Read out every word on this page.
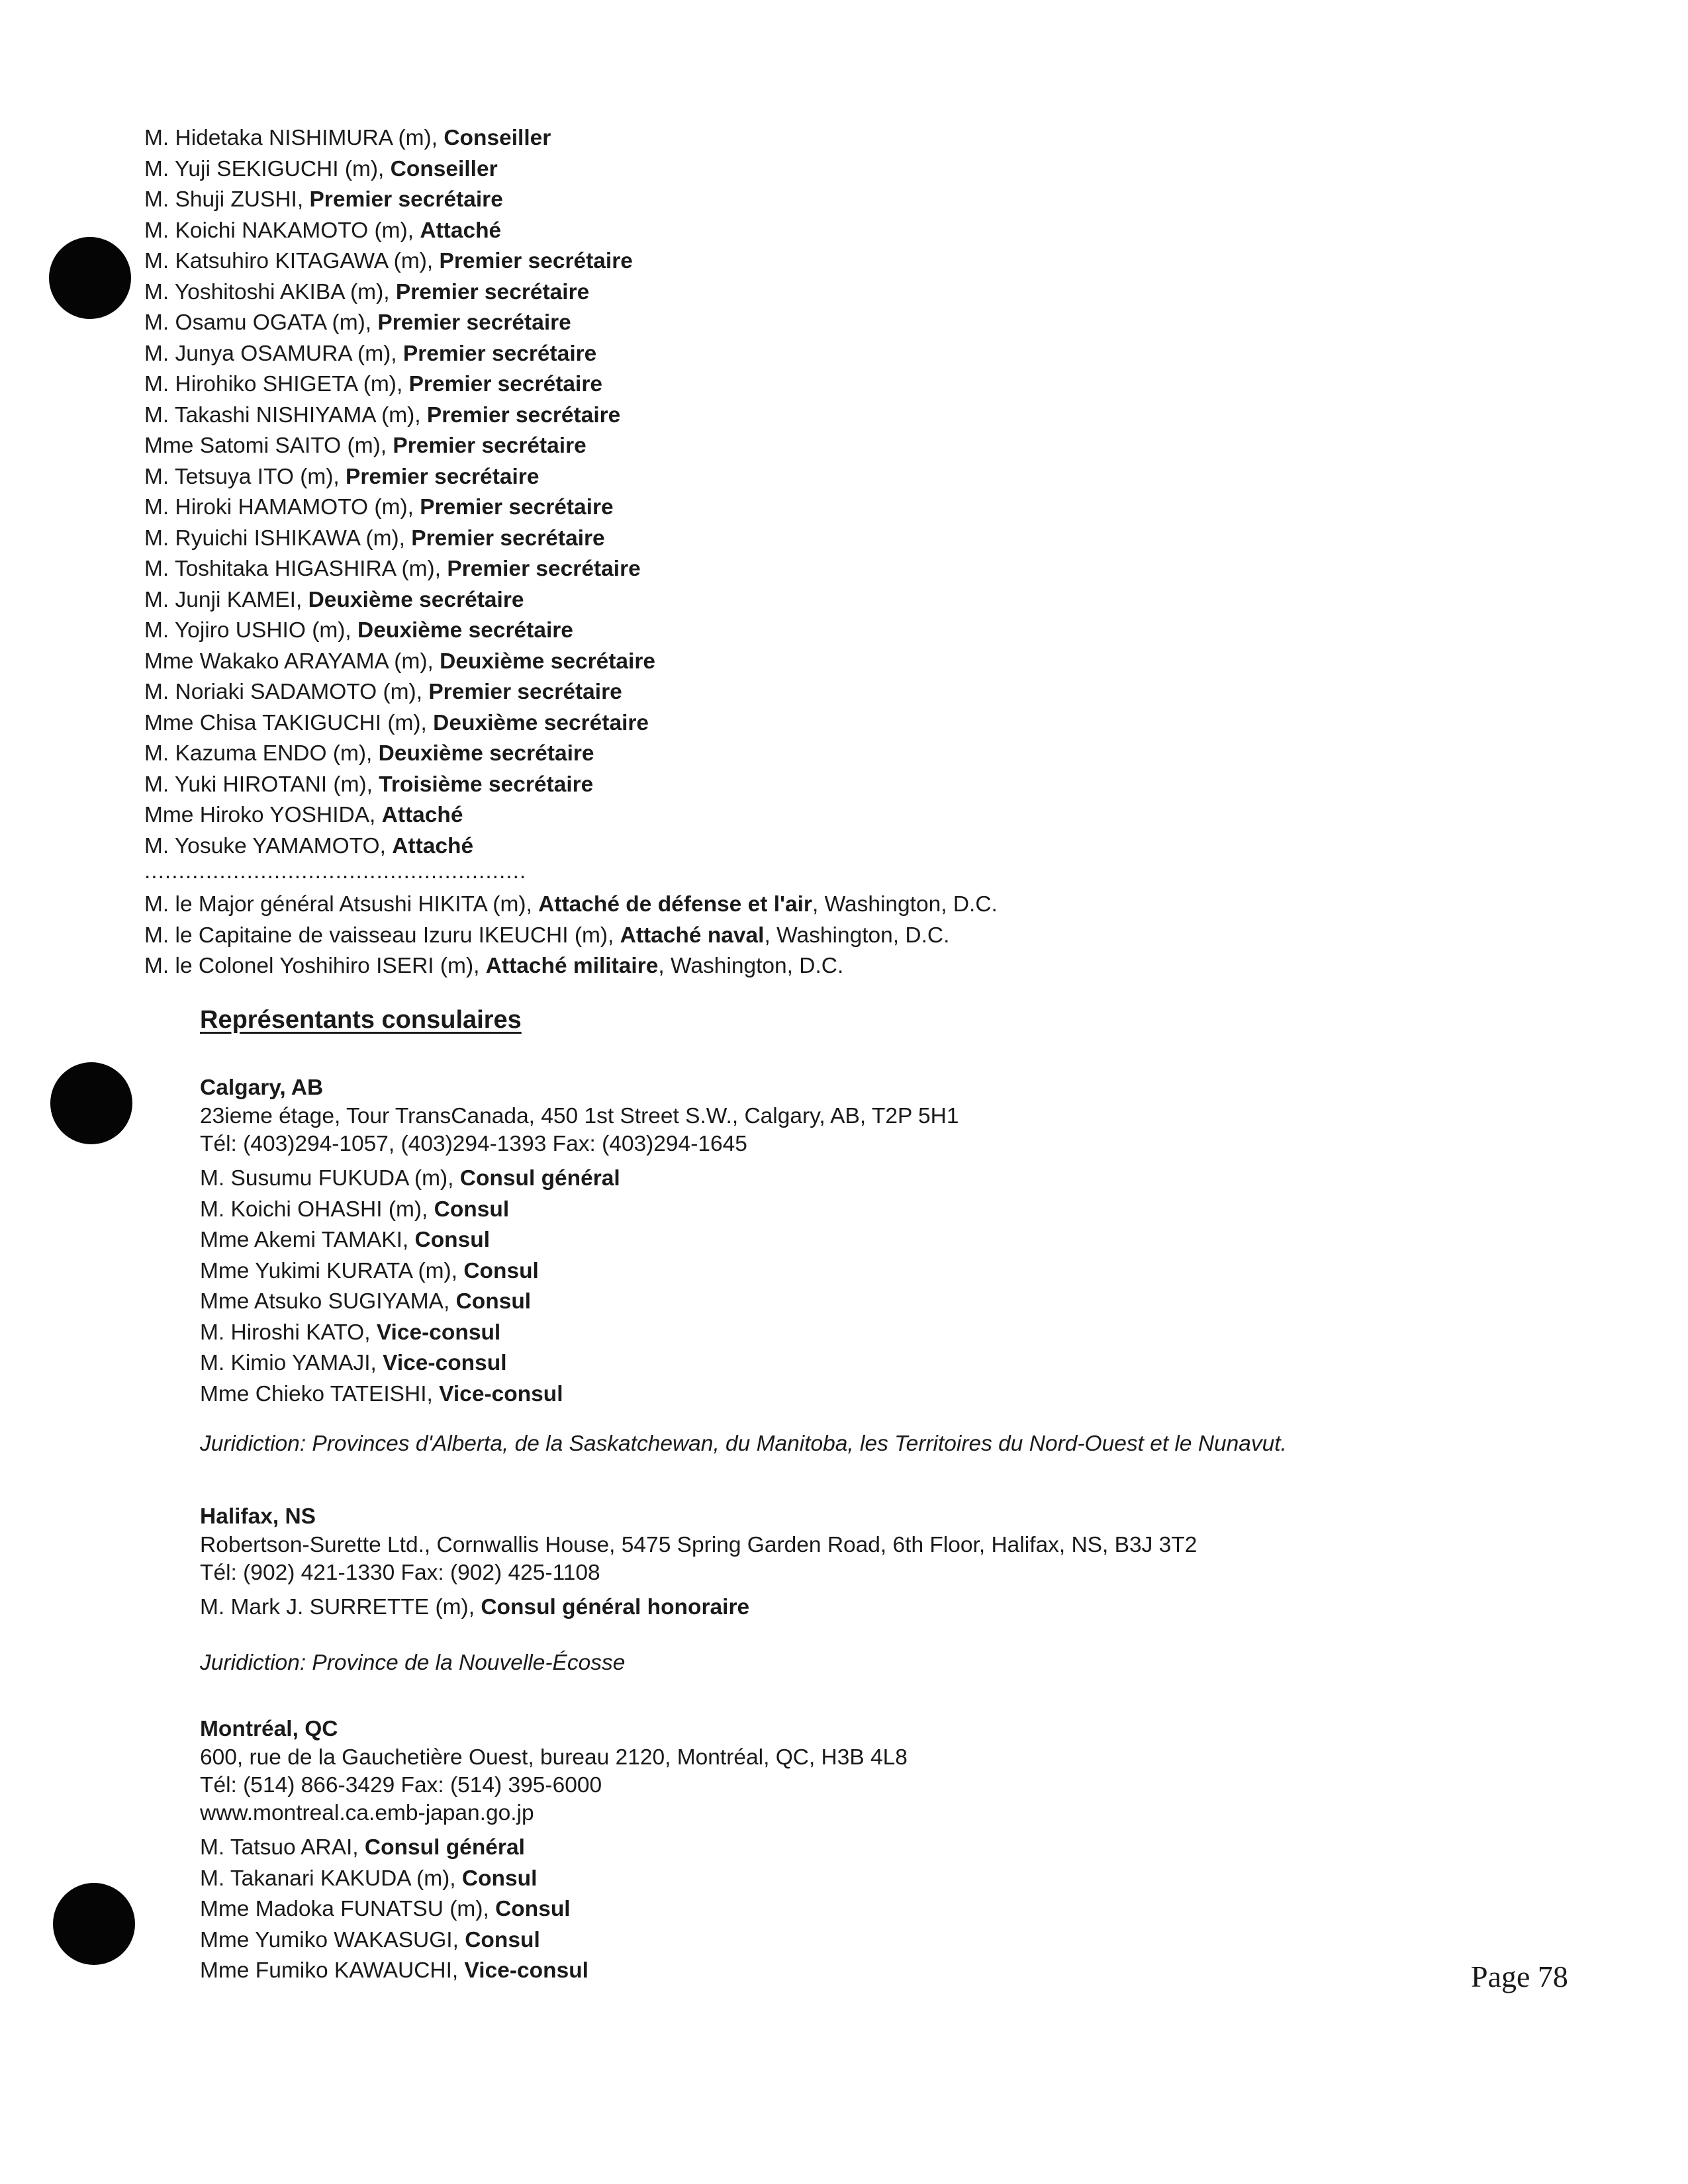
M. Hidetaka NISHIMURA (m), Conseiller
M. Yuji SEKIGUCHI (m), Conseiller
M. Shuji ZUSHI, Premier secrétaire
M. Koichi NAKAMOTO (m), Attaché
M. Katsuhiro KITAGAWA (m), Premier secrétaire
M. Yoshitoshi AKIBA (m), Premier secrétaire
M. Osamu OGATA (m), Premier secrétaire
M. Junya OSAMURA (m), Premier secrétaire
M. Hirohiko SHIGETA (m), Premier secrétaire
M. Takashi NISHIYAMA (m), Premier secrétaire
Mme Satomi SAITO (m), Premier secrétaire
M. Tetsuya ITO (m), Premier secrétaire
M. Hiroki HAMAMOTO (m), Premier secrétaire
M. Ryuichi ISHIKAWA (m), Premier secrétaire
M. Toshitaka HIGASHIRA (m), Premier secrétaire
M. Junji KAMEI, Deuxième secrétaire
M. Yojiro USHIO (m), Deuxième secrétaire
Mme Wakako ARAYAMA (m), Deuxième secrétaire
M. Noriaki SADAMOTO (m), Premier secrétaire
Mme Chisa TAKIGUCHI (m), Deuxième secrétaire
M. Kazuma ENDO (m), Deuxième secrétaire
M. Yuki HIROTANI (m), Troisième secrétaire
Mme Hiroko YOSHIDA, Attaché
M. Yosuke YAMAMOTO, Attaché
........................................................
M. le Major général Atsushi HIKITA (m), Attaché de défense et l'air, Washington, D.C.
M. le Capitaine de vaisseau Izuru IKEUCHI (m), Attaché naval, Washington, D.C.
M. le Colonel Yoshihiro ISERI (m), Attaché militaire, Washington, D.C.
Représentants consulaires
Calgary, AB
23ieme étage, Tour TransCanada, 450 1st Street S.W., Calgary, AB, T2P 5H1
Tél: (403)294-1057, (403)294-1393 Fax: (403)294-1645
M. Susumu FUKUDA (m), Consul général
M. Koichi OHASHI (m), Consul
Mme Akemi TAMAKI, Consul
Mme Yukimi KURATA (m), Consul
Mme Atsuko SUGIYAMA, Consul
M. Hiroshi KATO, Vice-consul
M. Kimio YAMAJI, Vice-consul
Mme Chieko TATEISHI, Vice-consul
Juridiction: Provinces d'Alberta, de la Saskatchewan, du Manitoba, les Territoires du Nord-Ouest et le Nunavut.
Halifax, NS
Robertson-Surette Ltd., Cornwallis House, 5475 Spring Garden Road, 6th Floor, Halifax, NS, B3J 3T2
Tél: (902) 421-1330 Fax: (902) 425-1108
M. Mark J. SURRETTE (m), Consul général honoraire
Juridiction: Province de la Nouvelle-Écosse
Montréal, QC
600, rue de la Gauchetière Ouest, bureau 2120, Montréal, QC, H3B 4L8
Tél: (514) 866-3429 Fax: (514) 395-6000
www.montreal.ca.emb-japan.go.jp
M. Tatsuo ARAI, Consul général
M. Takanari KAKUDA (m), Consul
Mme Madoka FUNATSU (m), Consul
Mme Yumiko WAKASUGI, Consul
Mme Fumiko KAWAUCHI, Vice-consul	Page 78
